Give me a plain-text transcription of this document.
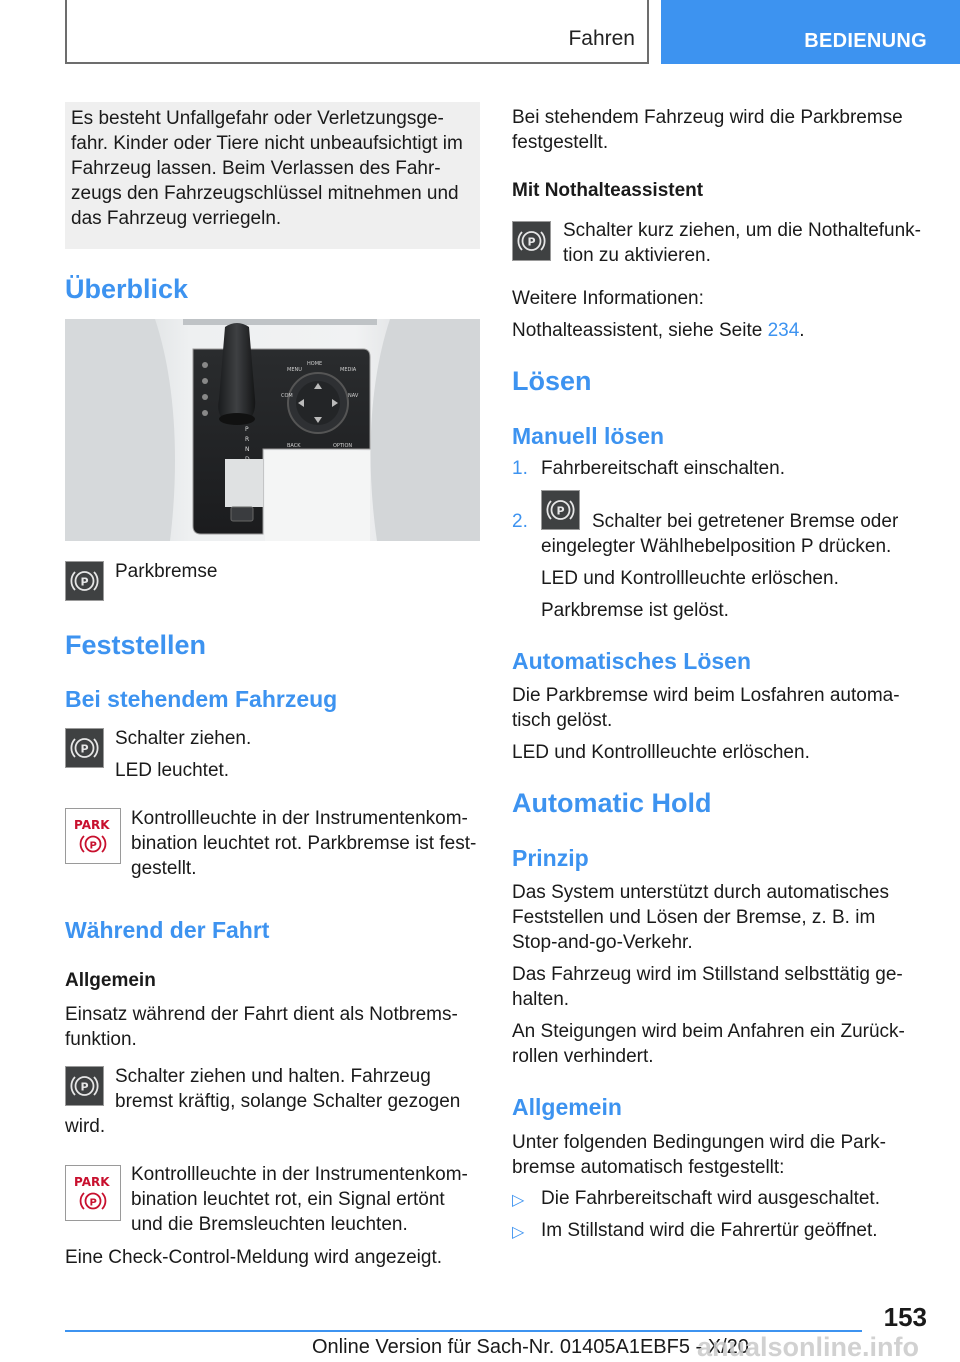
Fahren	BEDIENUNG
Es besteht Unfallgefahr oder Verletzungsge-
fahr. Kinder oder Tiere nicht unbeaufsichtigt im
Fahrzeug lassen. Beim Verlassen des Fahr-
zeugs den Fahrzeugschlüssel mitnehmen und
das Fahrzeug verriegeln.
Überblick
HOME
MENU	MEDIA
COM	NAV
BACK	OPTION
P
R
N
D
P Parkbremse
Feststellen
Bei stehendem Fahrzeug
P Schalter ziehen.
LED leuchtet.
PARK
P
Kontrollleuchte in der Instrumentenkom-
bination leuchtet rot. Parkbremse ist fest-
gestellt.
Während der Fahrt
Allgemein
Einsatz während der Fahrt dient als Notbrems-
funktion.
P Schalter ziehen und halten. Fahrzeug
bremst kräftig, solange Schalter gezogen
wird.
PARK
P
Kontrollleuchte in der Instrumentenkom-
bination leuchtet rot, ein Signal ertönt
und die Bremsleuchten leuchten.
Eine Check-Control-Meldung wird angezeigt.
Bei stehendem Fahrzeug wird die Parkbremse
festgestellt.
Mit Nothalteassistent
P
Schalter kurz ziehen, um die Nothaltefunk-
tion zu aktivieren.
Weitere Informationen:
Nothalteassistent, siehe Seite 234.
Lösen
Manuell lösen
1. Fahrbereitschaft einschalten.
2.	P Schalter bei getretener Bremse oder
eingelegter Wählhebelposition P drücken.
LED und Kontrollleuchte erlöschen.
Parkbremse ist gelöst.
Automatisches Lösen
Die Parkbremse wird beim Losfahren automa-
tisch gelöst.
LED und Kontrollleuchte erlöschen.
Automatic Hold
Prinzip
Das System unterstützt durch automatisches
Feststellen und Lösen der Bremse, z. B. im
Stop-and-go-Verkehr.
Das Fahrzeug wird im Stillstand selbsttätig ge-
halten.
An Steigungen wird beim Anfahren ein Zurück-
rollen verhindert.
Allgemein
Unter folgenden Bedingungen wird die Park-
bremse automatisch festgestellt:
▷ Die Fahrbereitschaft wird ausgeschaltet.
▷ Im Stillstand wird die Fahrertür geöffnet.
153
Online Version für Sach-Nr. 01405A1EBF5 - X/20
anualsonline.info
